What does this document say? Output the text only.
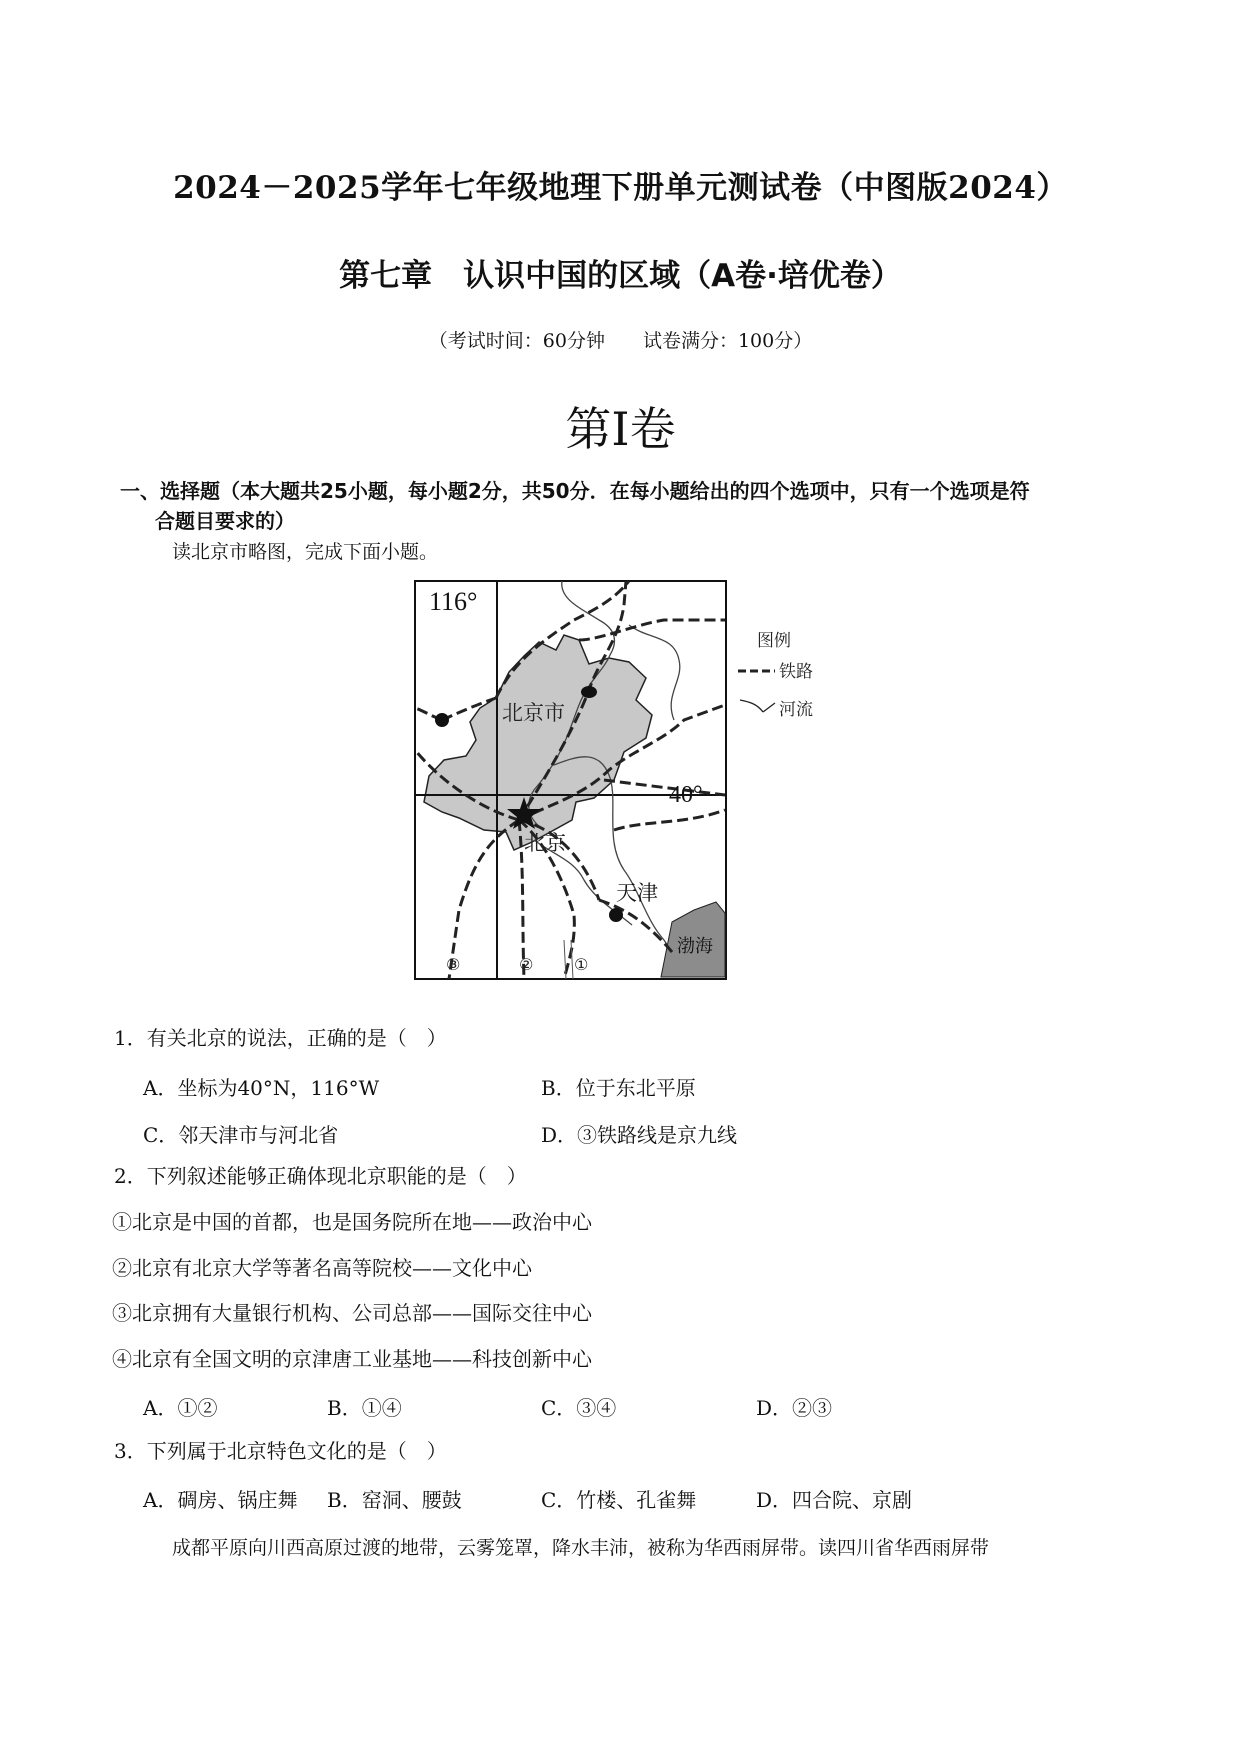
2024－2025学年七年级地理下册单元测试卷（中图版2024）
第七章　认识中国的区域（A卷·培优卷）
（考试时间：60分钟　　试卷满分：100分）
第Ⅰ卷
一、选择题（本大题共25小题，每小题2分，共50分．在每小题给出的四个选项中，只有一个选项是符
合题目要求的）
读北京市略图，完成下面小题。
116°
40°
北京市
北京
天津
渤海
③	②	①
图例
铁路
河流
1．有关北京的说法，正确的是（　）
A．坐标为40°N，116°W	B．位于东北平原
C．邻天津市与河北省	D．③铁路线是京九线
2．下列叙述能够正确体现北京职能的是（　）
①北京是中国的首都，也是国务院所在地——政治中心
②北京有北京大学等著名高等院校——文化中心
③北京拥有大量银行机构、公司总部——国际交往中心
④北京有全国文明的京津唐工业基地——科技创新中心
A．①②	B．①④	C．③④	D．②③
3．下列属于北京特色文化的是（　）
A．碉房、锅庄舞 B．窑洞、腰鼓	C．竹楼、孔雀舞	D．四合院、京剧
成都平原向川西高原过渡的地带，云雾笼罩，降水丰沛，被称为华西雨屏带。读四川省华西雨屏带
